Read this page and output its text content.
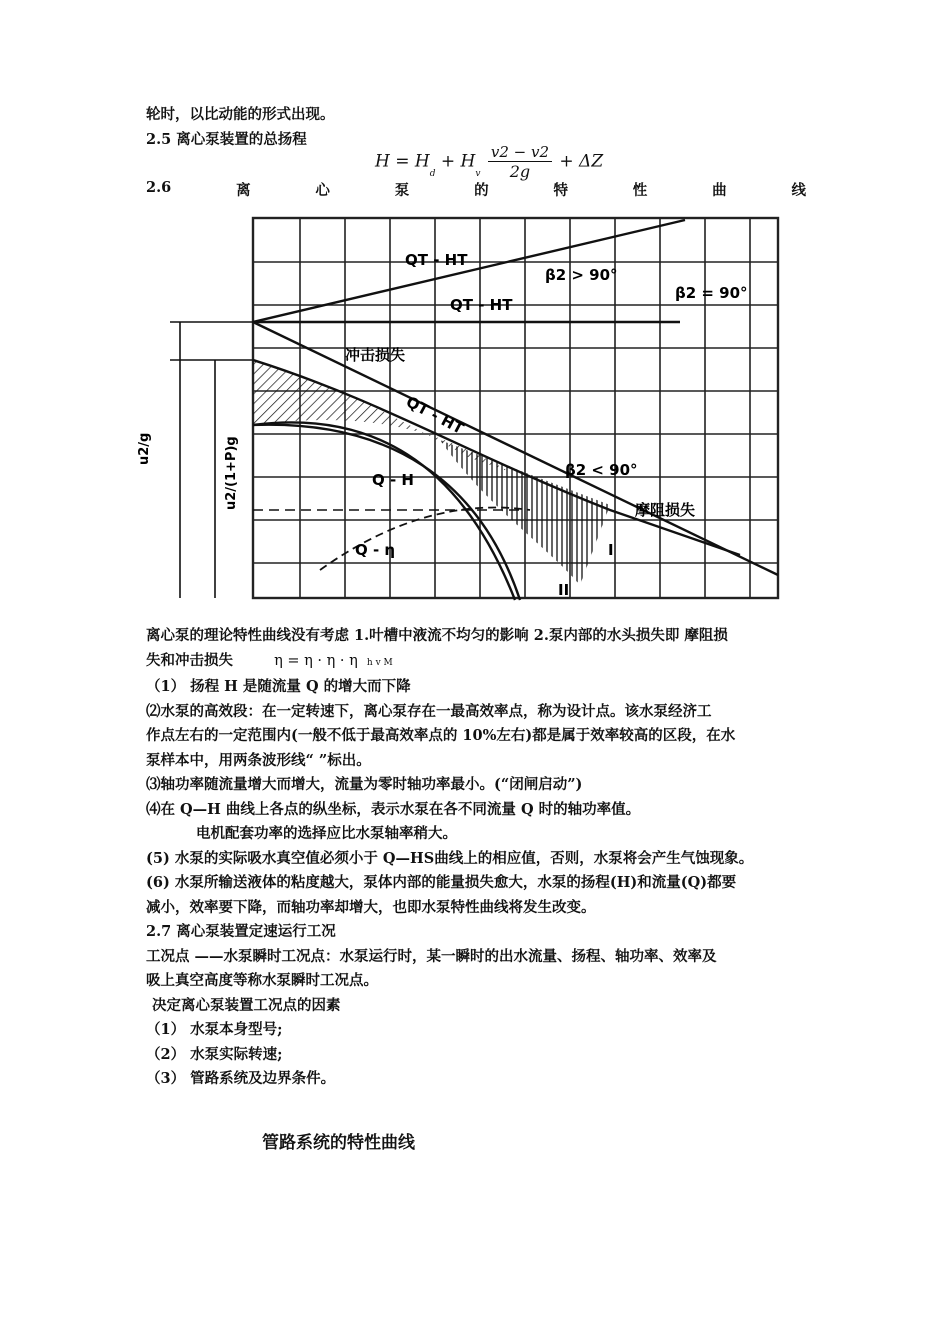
轮时，以比动能的形式出现。
2.5 离心泵装置的总扬程
$H = H_d + H_v \frac{v2 - v2}{2g} + \Delta Z$
2.6	离	心	泵	的	特	性	曲	线
u2/g	u2/(1+P)g
QT - HT
β2 > 90°
QT - HT
β2 = 90°
冲击损失
QT - HT
β2 < 90°
Q - H
摩阻损失
Q - η	I
II
离心泵的理论特性曲线没有考虑 1.叶槽中液流不均匀的影响 2.泵内部的水头损失即 摩阻损
失和冲击损失	η = η · η · η h v M
（1） 扬程 H 是随流量 Q 的增大而下降
⑵水泵的高效段：在一定转速下，离心泵存在一最高效率点，称为设计点。该水泵经济工
作点左右的一定范围内(一般不低于最高效率点的 10%左右)都是属于效率较高的区段，在水
泵样本中，用两条波形线“ ”标出。
⑶轴功率随流量增大而增大，流量为零时轴功率最小。(“闭闸启动”)
⑷在 Q—H 曲线上各点的纵坐标，表示水泵在各不同流量 Q 时的轴功率值。
电机配套功率的选择应比水泵轴率稍大。
(5) 水泵的实际吸水真空值必须小于 Q—HS曲线上的相应值，否则，水泵将会产生气蚀现象。
(6) 水泵所输送液体的粘度越大，泵体内部的能量损失愈大，水泵的扬程(H)和流量(Q)都要
减小，效率要下降，而轴功率却增大，也即水泵特性曲线将发生改变。
2.7 离心泵装置定速运行工况
工况点 ——水泵瞬时工况点：水泵运行时，某一瞬时的出水流量、扬程、轴功率、效率及
吸上真空高度等称水泵瞬时工况点。
决定离心泵装置工况点的因素
（1） 水泵本身型号;
（2） 水泵实际转速;
（3） 管路系统及边界条件。
管路系统的特性曲线
